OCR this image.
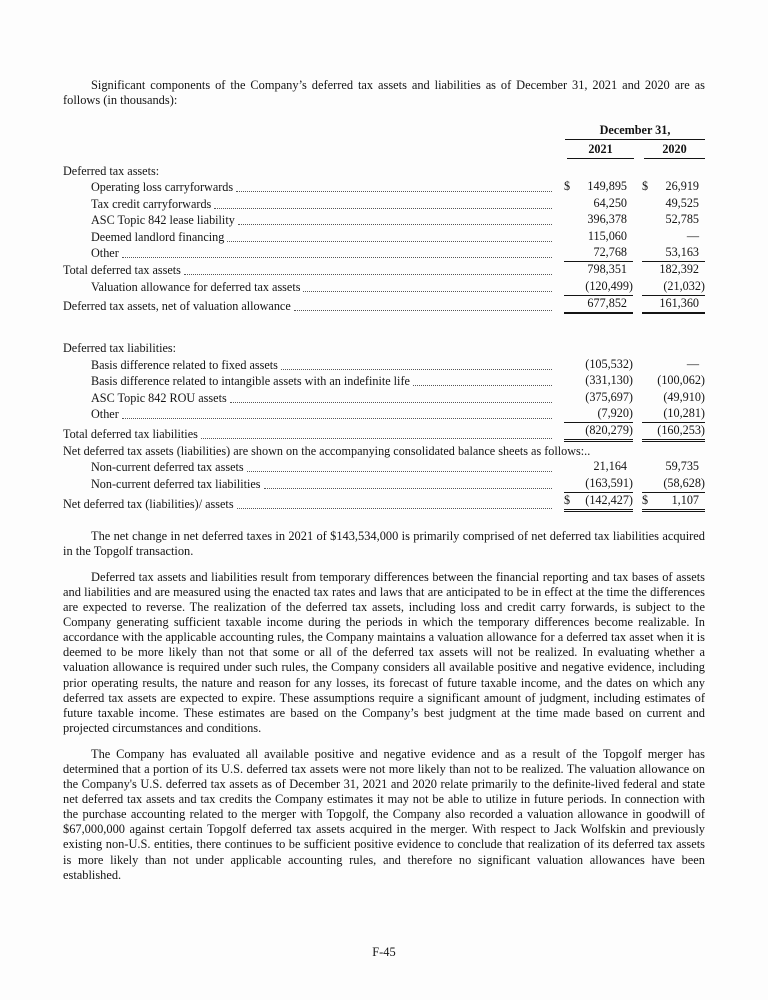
Significant components of the Company’s deferred tax assets and liabilities as of December 31, 2021 and 2020 are as follows (in thousands):

December 31,
2021	2020
Deferred tax assets:
Operating loss carryforwards	$ 149,895	$ 26,919
Tax credit carryforwards	64,250	49,525
ASC Topic 842 lease liability	396,378	52,785
Deemed landlord financing	115,060	—
Other	72,768	53,163
Total deferred tax assets	798,351	182,392
Valuation allowance for deferred tax assets	(120,499) (21,032)
Deferred tax assets, net of valuation allowance	677,852	161,360
Deferred tax liabilities:
Basis difference related to fixed assets	(105,532)	—
Basis difference related to intangible assets with an indefinite life	(331,130) (100,062)
ASC Topic 842 ROU assets	(375,697) (49,910)
Other	(7,920) (10,281)
Total deferred tax liabilities	(820,279) (160,253)
Net deferred tax assets (liabilities) are shown on the accompanying consolidated balance sheets as follows:..
Non-current deferred tax assets	21,164	59,735
Non-current deferred tax liabilities	(163,591) (58,628)
Net deferred tax (liabilities)/ assets	$ (142,427) $ 1,107

The net change in net deferred taxes in 2021 of $143,534,000 is primarily comprised of net deferred tax liabilities acquired in the Topgolf transaction.

Deferred tax assets and liabilities result from temporary differences between the financial reporting and tax bases of assets and liabilities and are measured using the enacted tax rates and laws that are anticipated to be in effect at the time the differences are expected to reverse. The realization of the deferred tax assets, including loss and credit carry forwards, is subject to the Company generating sufficient taxable income during the periods in which the temporary differences become realizable. In accordance with the applicable accounting rules, the Company maintains a valuation allowance for a deferred tax asset when it is deemed to be more likely than not that some or all of the deferred tax assets will not be realized. In evaluating whether a valuation allowance is required under such rules, the Company considers all available positive and negative evidence, including prior operating results, the nature and reason for any losses, its forecast of future taxable income, and the dates on which any deferred tax assets are expected to expire. These assumptions require a significant amount of judgment, including estimates of future taxable income. These estimates are based on the Company’s best judgment at the time made based on current and projected circumstances and conditions.

The Company has evaluated all available positive and negative evidence and as a result of the Topgolf merger has determined that a portion of its U.S. deferred tax assets were not more likely than not to be realized. The valuation allowance on the Company's U.S. deferred tax assets as of December 31, 2021 and 2020 relate primarily to the definite-lived federal and state net deferred tax assets and tax credits the Company estimates it may not be able to utilize in future periods. In connection with the purchase accounting related to the merger with Topgolf, the Company also recorded a valuation allowance in goodwill of $67,000,000 against certain Topgolf deferred tax assets acquired in the merger. With respect to Jack Wolfskin and previously existing non-U.S. entities, there continues to be sufficient positive evidence to conclude that realization of its deferred tax assets is more likely than not under applicable accounting rules, and therefore no significant valuation allowances have been established.

F-45
